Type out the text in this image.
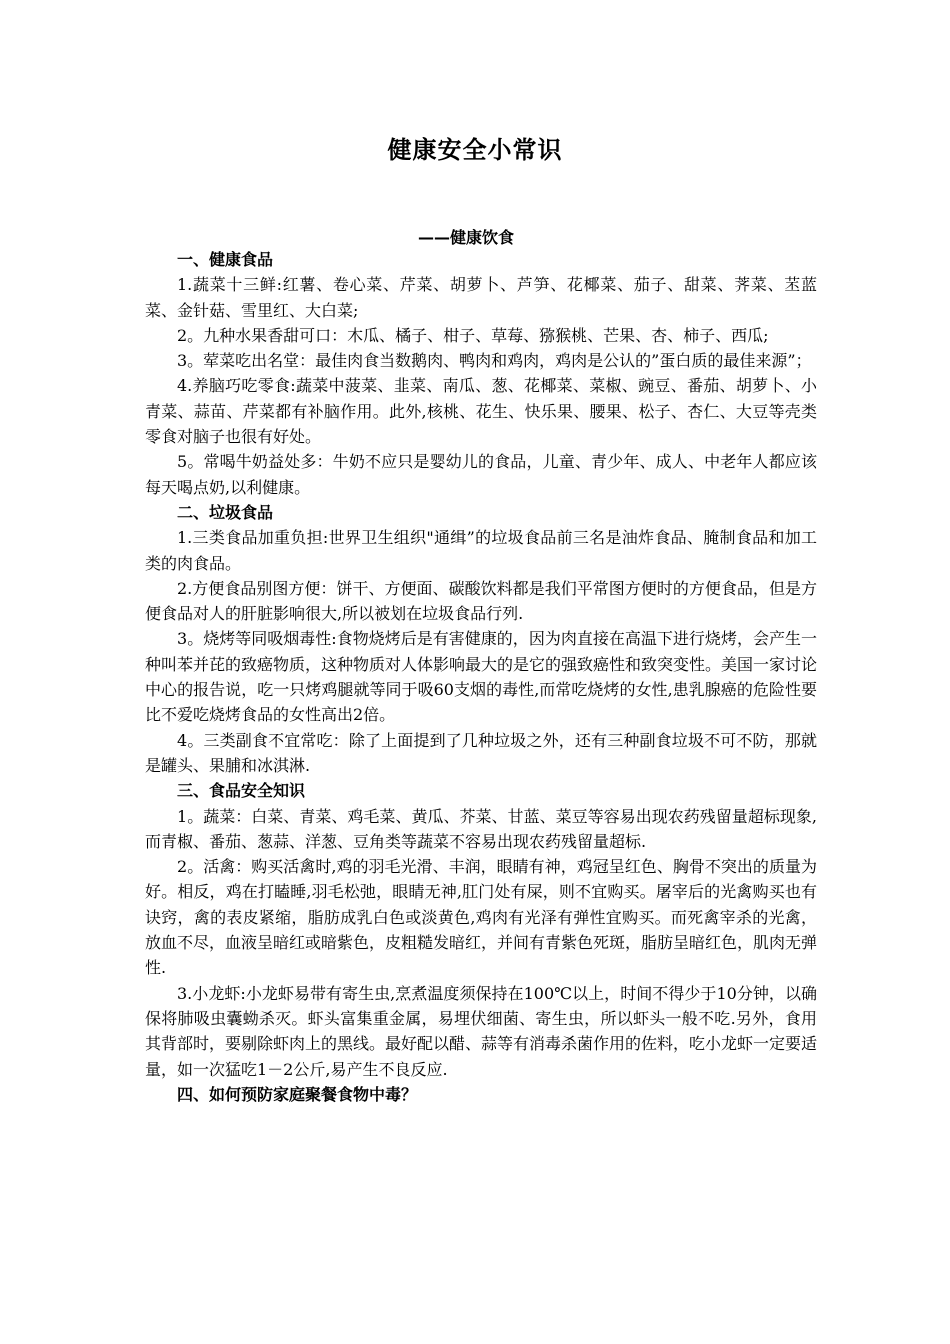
健康安全小常识
——健康饮食

一、健康食品

1.蔬菜十三鲜:红薯、卷心菜、芹菜、胡萝卜、芦笋、花椰菜、茄子、甜菜、荠菜、苤蓝菜、金针菇、雪里红、大白菜;

2。九种水果香甜可口：木瓜、橘子、柑子、草莓、猕猴桃、芒果、杏、柿子、西瓜;

3。荤菜吃出名堂：最佳肉食当数鹅肉、鸭肉和鸡肉，鸡肉是公认的”蛋白质的最佳来源”；

4.养脑巧吃零食:蔬菜中菠菜、韭菜、南瓜、葱、花椰菜、菜椒、豌豆、番茄、胡萝卜、小青菜、蒜苗、芹菜都有补脑作用。此外,核桃、花生、快乐果、腰果、松子、杏仁、大豆等壳类零食对脑子也很有好处。

5。常喝牛奶益处多：牛奶不应只是婴幼儿的食品，儿童、青少年、成人、中老年人都应该每天喝点奶,以利健康。

二、垃圾食品

1.三类食品加重负担:世界卫生组织"通缉”的垃圾食品前三名是油炸食品、腌制食品和加工类的肉食品。

2.方便食品别图方便：饼干、方便面、碳酸饮料都是我们平常图方便时的方便食品，但是方便食品对人的肝脏影响很大,所以被划在垃圾食品行列.

3。烧烤等同吸烟毒性:食物烧烤后是有害健康的，因为肉直接在高温下进行烧烤，会产生一种叫苯并芘的致癌物质，这种物质对人体影响最大的是它的强致癌性和致突变性。美国一家讨论中心的报告说，吃一只烤鸡腿就等同于吸60支烟的毒性,而常吃烧烤的女性,患乳腺癌的危险性要比不爱吃烧烤食品的女性高出2倍。

4。三类副食不宜常吃：除了上面提到了几种垃圾之外，还有三种副食垃圾不可不防，那就是罐头、果脯和冰淇淋.

三、食品安全知识

1。蔬菜：白菜、青菜、鸡毛菜、黄瓜、芥菜、甘蓝、菜豆等容易出现农药残留量超标现象,而青椒、番茄、葱蒜、洋葱、豆角类等蔬菜不容易出现农药残留量超标.

2。活禽：购买活禽时,鸡的羽毛光滑、丰润，眼睛有神，鸡冠呈红色、胸骨不突出的质量为好。相反，鸡在打瞌睡,羽毛松弛，眼睛无神,肛门处有屎，则不宜购买。屠宰后的光禽购买也有诀窍，禽的表皮紧缩，脂肪成乳白色或淡黄色,鸡肉有光泽有弹性宜购买。而死禽宰杀的光禽，放血不尽，血液呈暗红或暗紫色，皮粗糙发暗红，并间有青紫色死斑，脂肪呈暗红色，肌肉无弹性.

3.小龙虾:小龙虾易带有寄生虫,烹煮温度须保持在100℃以上，时间不得少于10分钟，以确保将肺吸虫囊蚴杀灭。虾头富集重金属，易埋伏细菌、寄生虫，所以虾头一般不吃.另外，食用其背部时，要剔除虾肉上的黑线。最好配以醋、蒜等有消毒杀菌作用的佐料，吃小龙虾一定要适量，如一次猛吃1－2公斤,易产生不良反应.

四、如何预防家庭聚餐食物中毒？
